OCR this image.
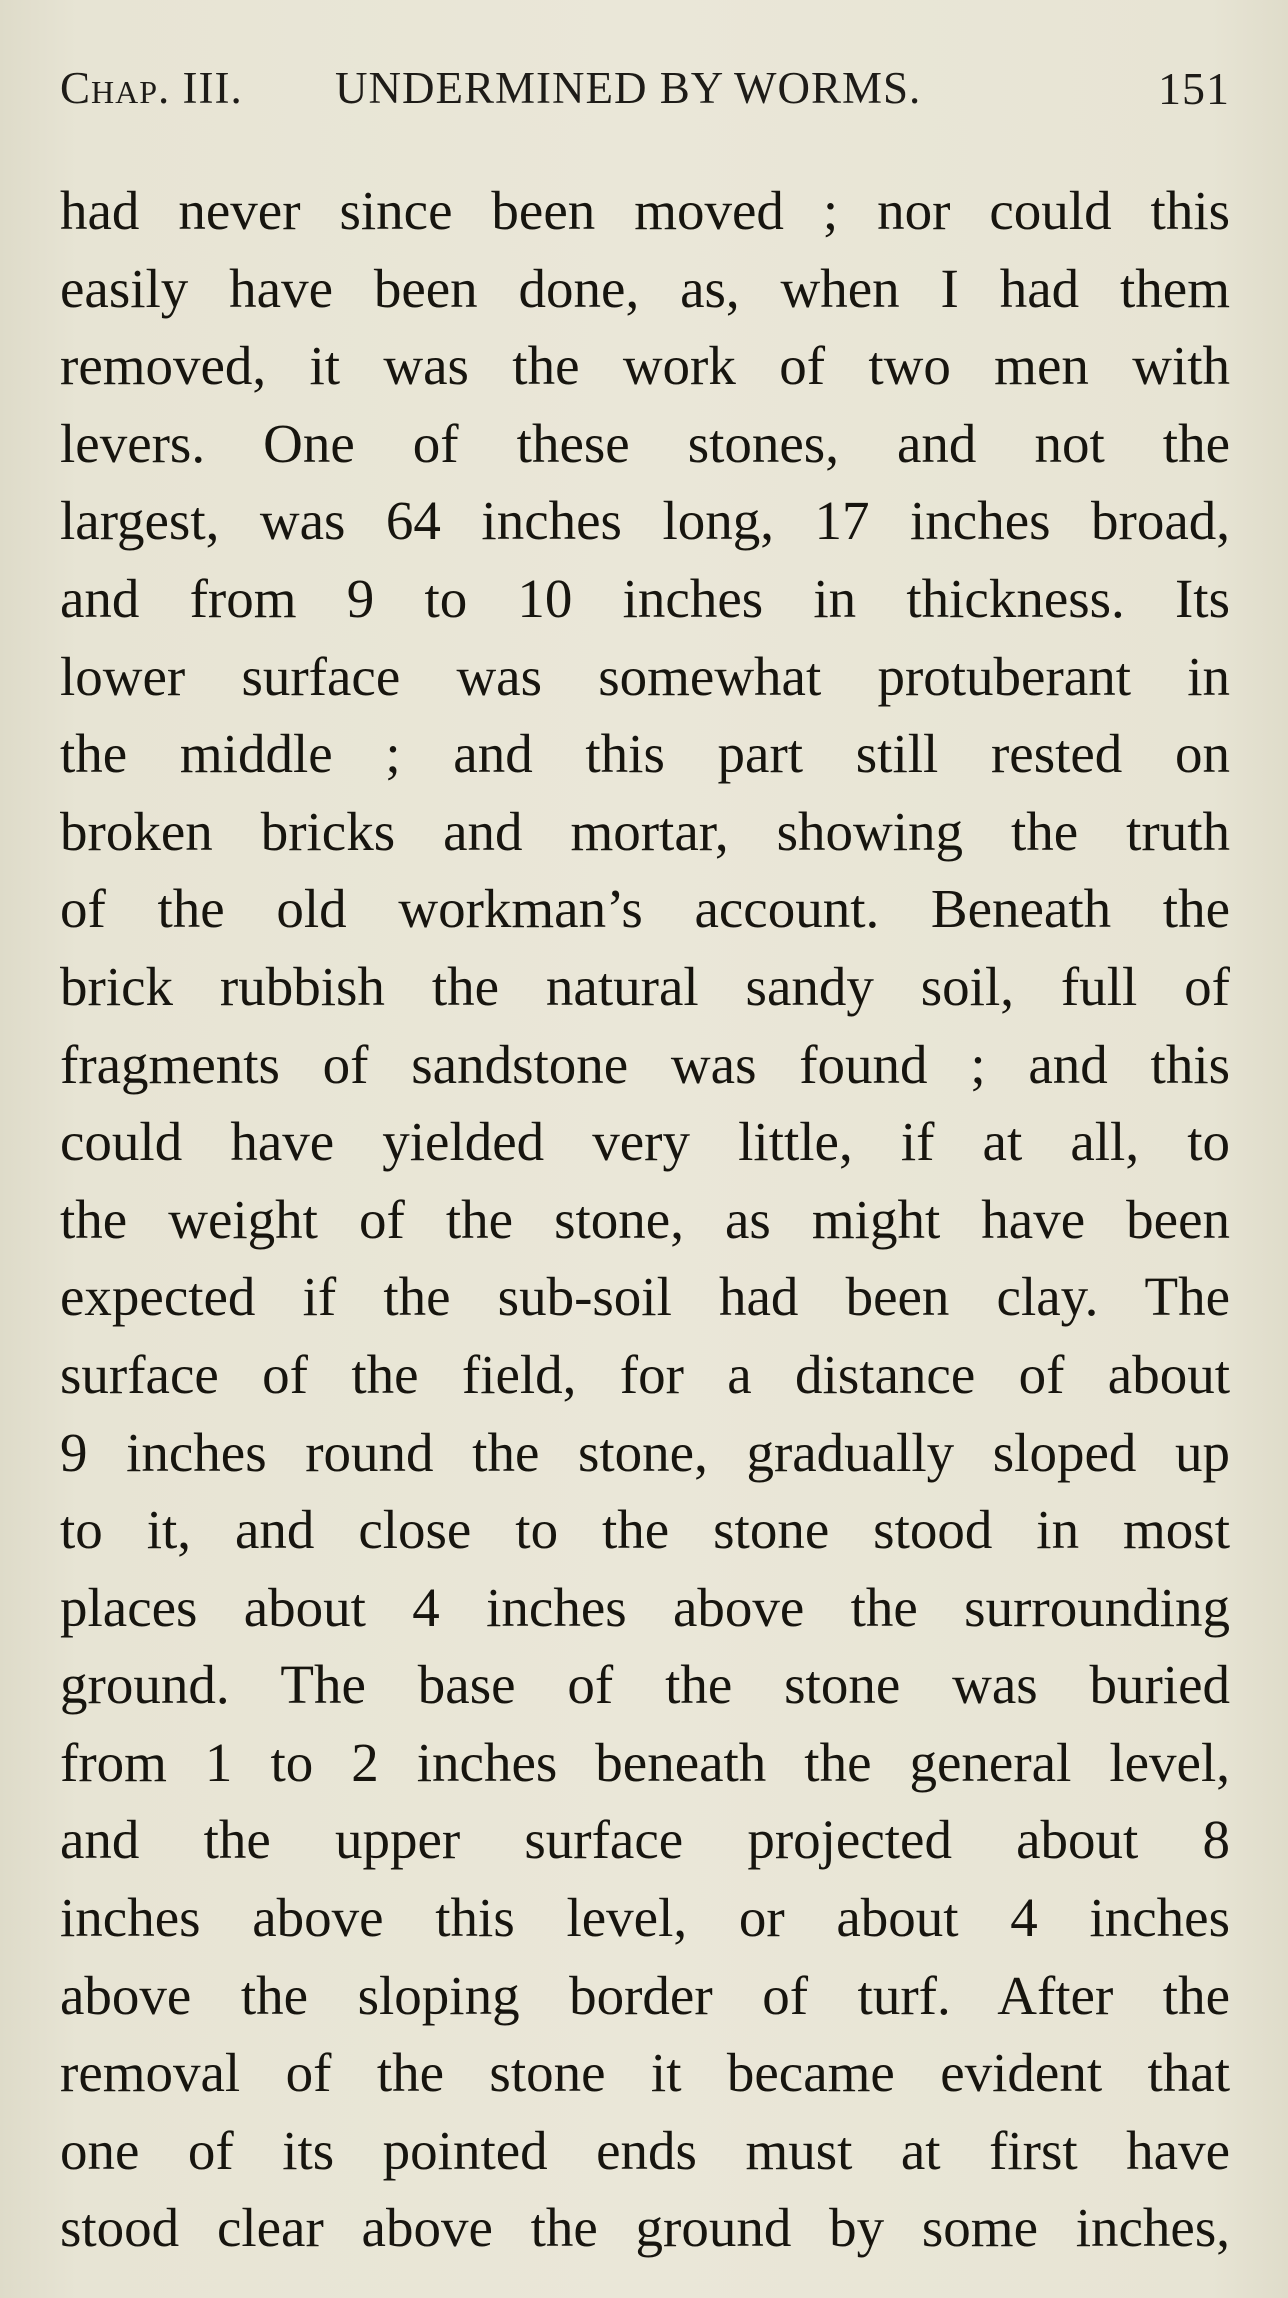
Chap. III. UNDERMINED BY WORMS.	151
had never since been moved ; nor could this
easily have been done, as, when I had them
removed, it was the work of two men with
levers. One of these stones, and not the
largest, was 64 inches long, 17 inches broad,
and from 9 to 10 inches in thickness. Its
lower surface was somewhat protuberant in
the middle ; and this part still rested on
broken bricks and mortar, showing the truth
of the old workman’s account. Beneath the
brick rubbish the natural sandy soil, full of
fragments of sandstone was found ; and this
could have yielded very little, if at all, to
the weight of the stone, as might have been
expected if the sub-soil had been clay. The
surface of the field, for a distance of about
9 inches round the stone, gradually sloped up
to it, and close to the stone stood in most
places about 4 inches above the surrounding
ground. The base of the stone was buried
from 1 to 2 inches beneath the general level,
and the upper surface projected about 8
inches above this level, or about 4 inches
above the sloping border of turf. After the
removal of the stone it became evident that
one of its pointed ends must at first have
stood clear above the ground by some inches,
